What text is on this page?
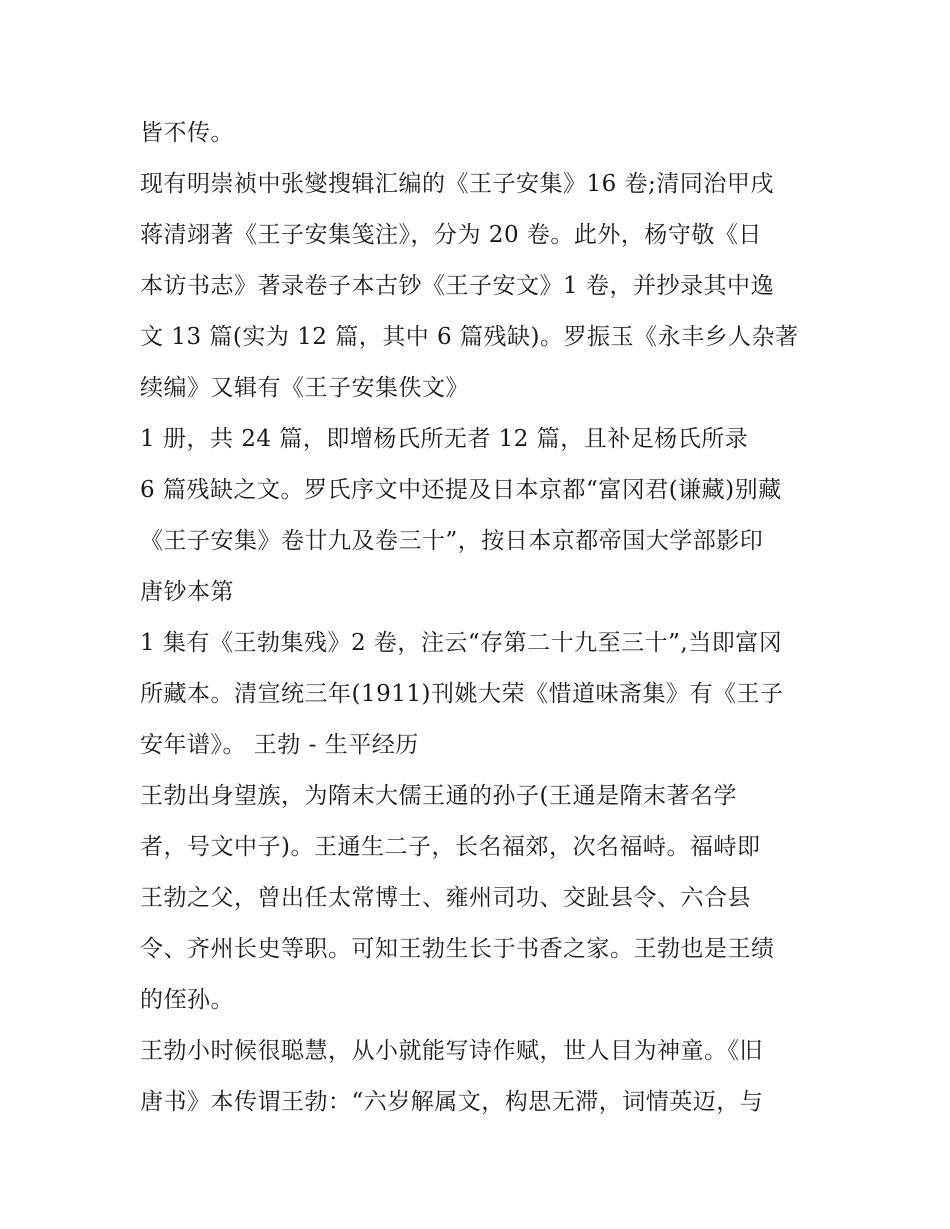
皆不传。
现有明崇祯中张燮搜辑汇编的《王子安集》16 卷;清同治甲戌
蒋清翊著《王子安集笺注》，分为 20 卷。此外，杨守敬《日
本访书志》著录卷子本古钞《王子安文》1 卷，并抄录其中逸
文 13 篇(实为 12 篇，其中 6 篇残缺)。罗振玉《永丰乡人杂著
续编》又辑有《王子安集佚文》
1 册，共 24 篇，即增杨氏所无者 12 篇，且补足杨氏所录
6 篇残缺之文。罗氏序文中还提及日本京都“富冈君(谦藏)别藏
《王子安集》卷廿九及卷三十”，按日本京都帝国大学部影印
唐钞本第
1 集有《王勃集残》2 卷，注云“存第二十九至三十”,当即富冈
所藏本。清宣统三年(1911)刊姚大荣《惜道味斋集》有《王子
安年谱》。 王勃 - 生平经历
王勃出身望族，为隋末大儒王通的孙子(王通是隋末著名学
者，号文中子)。王通生二子，长名福郊，次名福峙。福峙即
王勃之父，曾出任太常博士、雍州司功、交趾县令、六合县
令、齐州长史等职。可知王勃生长于书香之家。王勃也是王绩
的侄孙。
王勃小时候很聪慧，从小就能写诗作赋，世人目为神童。《旧
唐书》本传谓王勃：“六岁解属文，构思无滞，词情英迈，与
